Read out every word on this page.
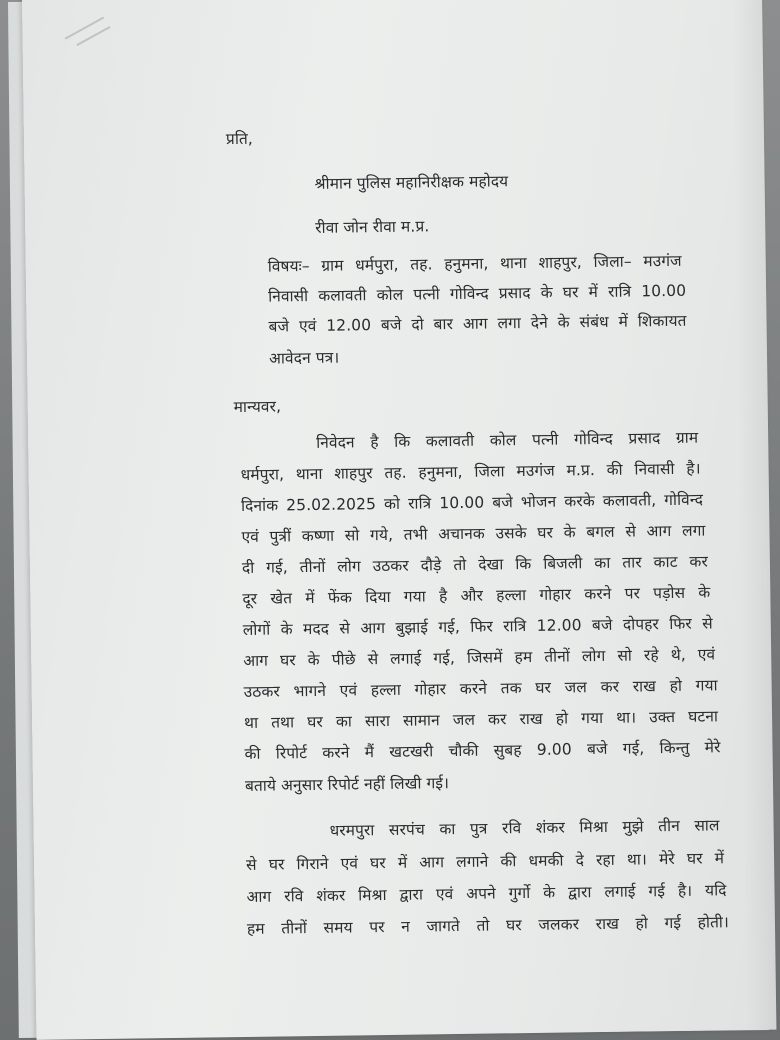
प्रति,
श्रीमान पुलिस महानिरीक्षक महोदय
रीवा जोन रीवा म.प्र.
विषयः– ग्राम धर्मपुरा, तह. हनुमना, थाना शाहपुर, जिला– मउगंज
निवासी कलावती कोल पत्नी गोविन्द प्रसाद के घर में रात्रि 10.00
बजे एवं 12.00 बजे दो बार आग लगा देने के संबंध में शिकायत
आवेदन पत्र।
मान्यवर,
निवेदन है कि कलावती कोल पत्नी गोविन्द प्रसाद ग्राम
धर्मपुरा, थाना शाहपुर तह. हनुमना, जिला मउगंज म.प्र. की निवासी है।
दिनांक 25.02.2025 को रात्रि 10.00 बजे भोजन करके कलावती, गोविन्द
एवं पुत्रीं कष्णा सो गये, तभी अचानक उसके घर के बगल से आग लगा
दी गई, तीनों लोग उठकर दौड़े तो देखा कि बिजली का तार काट कर
दूर खेत में फेंक दिया गया है और हल्ला गोहार करने पर पड़ोस के
लोगों के मदद से आग बुझाई गई, फिर रात्रि 12.00 बजे दोपहर फिर से
आग घर के पीछे से लगाई गई, जिसमें हम तीनों लोग सो रहे थे, एवं
उठकर भागने एवं हल्ला गोहार करने तक घर जल कर राख हो गया
था तथा घर का सारा सामान जल कर राख हो गया था। उक्त घटना
की रिपोर्ट करने मैं खटखरी चौकी सुबह 9.00 बजे गई, किन्तु मेरे
बताये अनुसार रिपोर्ट नहीं लिखी गई।
धरमपुरा सरपंच का पुत्र रवि शंकर मिश्रा मुझे तीन साल
से घर गिराने एवं घर में आग लगाने की धमकी दे रहा था। मेरे घर में
आग रवि शंकर मिश्रा द्वारा एवं अपने गुर्गो के द्वारा लगाई गई है। यदि
हम तीनों समय पर न जागते तो घर जलकर राख हो गई होती।
